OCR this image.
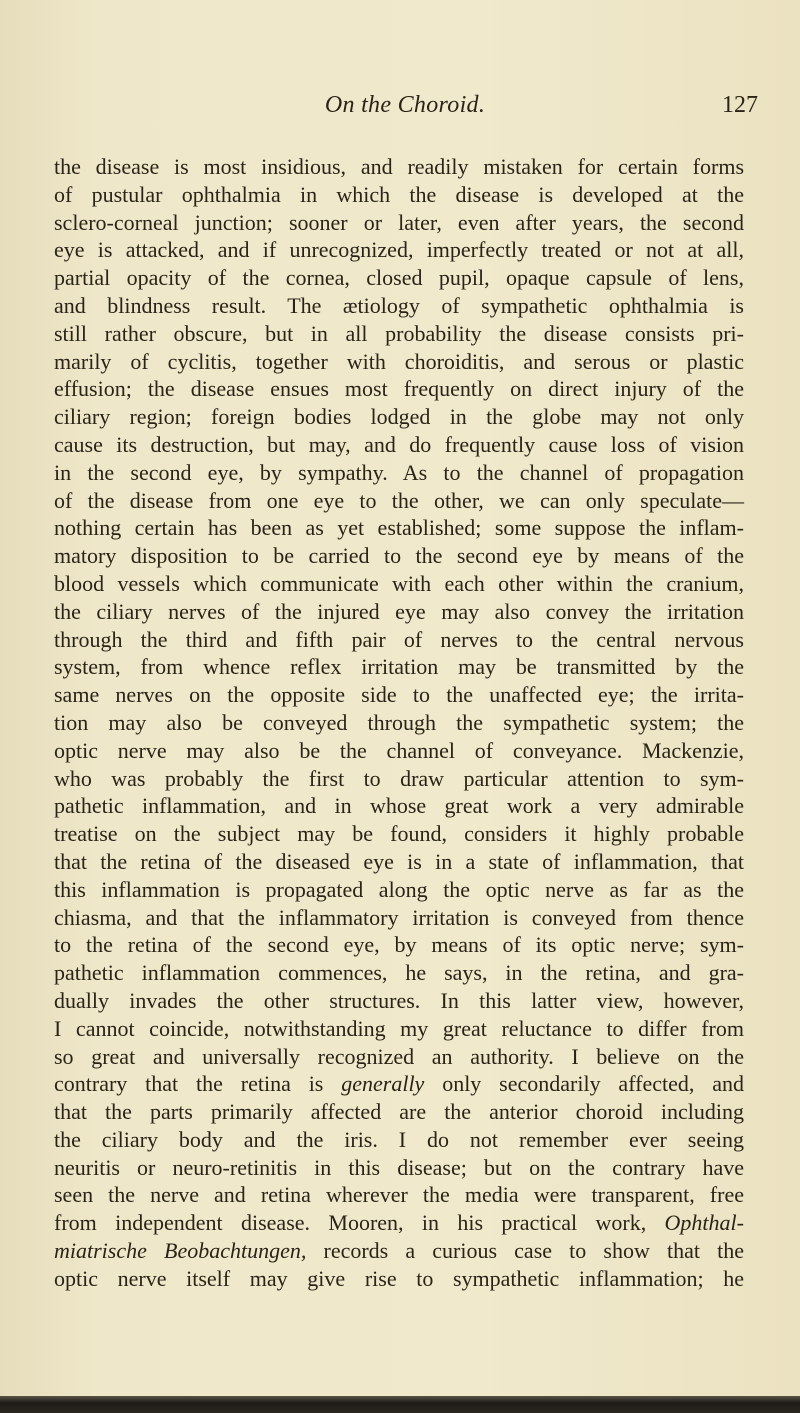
On the Choroid.	127
the disease is most insidious, and readily mistaken for certain forms
of pustular ophthalmia in which the disease is developed at the
sclero-corneal junction; sooner or later, even after years, the second
eye is attacked, and if unrecognized, imperfectly treated or not at all,
partial opacity of the cornea, closed pupil, opaque capsule of lens,
and blindness result. The ætiology of sympathetic ophthalmia is
still rather obscure, but in all probability the disease consists pri-
marily of cyclitis, together with choroiditis, and serous or plastic
effusion; the disease ensues most frequently on direct injury of the
ciliary region; foreign bodies lodged in the globe may not only
cause its destruction, but may, and do frequently cause loss of vision
in the second eye, by sympathy. As to the channel of propagation
of the disease from one eye to the other, we can only speculate—
nothing certain has been as yet established; some suppose the inflam-
matory disposition to be carried to the second eye by means of the
blood vessels which communicate with each other within the cranium,
the ciliary nerves of the injured eye may also convey the irritation
through the third and fifth pair of nerves to the central nervous
system, from whence reflex irritation may be transmitted by the
same nerves on the opposite side to the unaffected eye; the irrita-
tion may also be conveyed through the sympathetic system; the
optic nerve may also be the channel of conveyance. Mackenzie,
who was probably the first to draw particular attention to sym-
pathetic inflammation, and in whose great work a very admirable
treatise on the subject may be found, considers it highly probable
that the retina of the diseased eye is in a state of inflammation, that
this inflammation is propagated along the optic nerve as far as the
chiasma, and that the inflammatory irritation is conveyed from thence
to the retina of the second eye, by means of its optic nerve; sym-
pathetic inflammation commences, he says, in the retina, and gra-
dually invades the other structures. In this latter view, however,
I cannot coincide, notwithstanding my great reluctance to differ from
so great and universally recognized an authority. I believe on the
contrary that the retina is generally only secondarily affected, and
that the parts primarily affected are the anterior choroid including
the ciliary body and the iris. I do not remember ever seeing
neuritis or neuro-retinitis in this disease; but on the contrary have
seen the nerve and retina wherever the media were transparent, free
from independent disease. Mooren, in his practical work, Ophthal-
miatrische Beobachtungen, records a curious case to show that the
optic nerve itself may give rise to sympathetic inflammation; he
